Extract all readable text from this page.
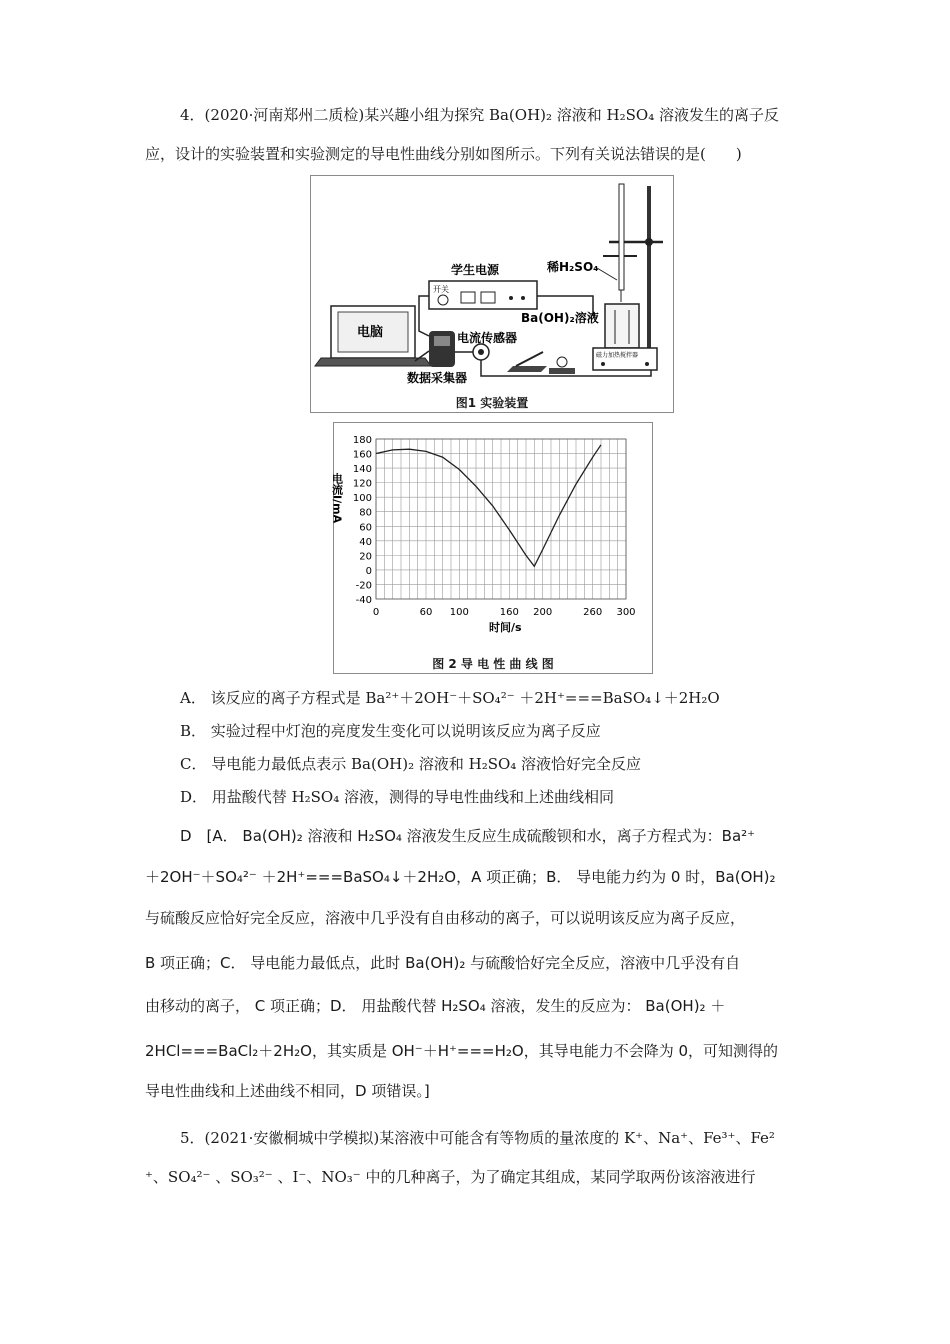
4．(2020·河南郑州二质检)某兴趣小组为探究 Ba(OH)₂ 溶液和 H₂SO₄ 溶液发生的离子反
应，设计的实验装置和实验测定的导电性曲线分别如图所示。下列有关说法错误的是(　　)
电脑
数据采集器
电流传感器
学生电源
开关
稀H₂SO₄
Ba(OH)₂溶液
磁力加热搅拌器
图1 实验装置
180
160
140
120
100
80
60
40
20
0
-20
-40
0	60 100	160 200	260 300
电流I/mA
时间/s
图 2 导 电 性 曲 线 图
A． 该反应的离子方程式是 Ba²⁺＋2OH⁻＋SO₄²⁻ ＋2H⁺===BaSO₄↓＋2H₂O
B． 实验过程中灯泡的亮度发生变化可以说明该反应为离子反应
C． 导电能力最低点表示 Ba(OH)₂ 溶液和 H₂SO₄ 溶液恰好完全反应
D． 用盐酸代替 H₂SO₄ 溶液，测得的导电性曲线和上述曲线相同
D　[A． Ba(OH)₂ 溶液和 H₂SO₄ 溶液发生反应生成硫酸钡和水，离子方程式为：Ba²⁺
＋2OH⁻＋SO₄²⁻ ＋2H⁺===BaSO₄↓＋2H₂O，A 项正确；B． 导电能力约为 0 时，Ba(OH)₂
与硫酸反应恰好完全反应，溶液中几乎没有自由移动的离子，可以说明该反应为离子反应，
B 项正确；C． 导电能力最低点，此时 Ba(OH)₂ 与硫酸恰好完全反应，溶液中几乎没有自
由移动的离子， C 项正确；D． 用盐酸代替 H₂SO₄ 溶液，发生的反应为： Ba(OH)₂ ＋
2HCl===BaCl₂＋2H₂O，其实质是 OH⁻＋H⁺===H₂O，其导电能力不会降为 0，可知测得的
导电性曲线和上述曲线不相同，D 项错误。]
5．(2021·安徽桐城中学模拟)某溶液中可能含有等物质的量浓度的 K⁺、Na⁺、Fe³⁺、Fe²
⁺、SO₄²⁻ 、SO₃²⁻ 、I⁻、NO₃⁻ 中的几种离子，为了确定其组成，某同学取两份该溶液进行
